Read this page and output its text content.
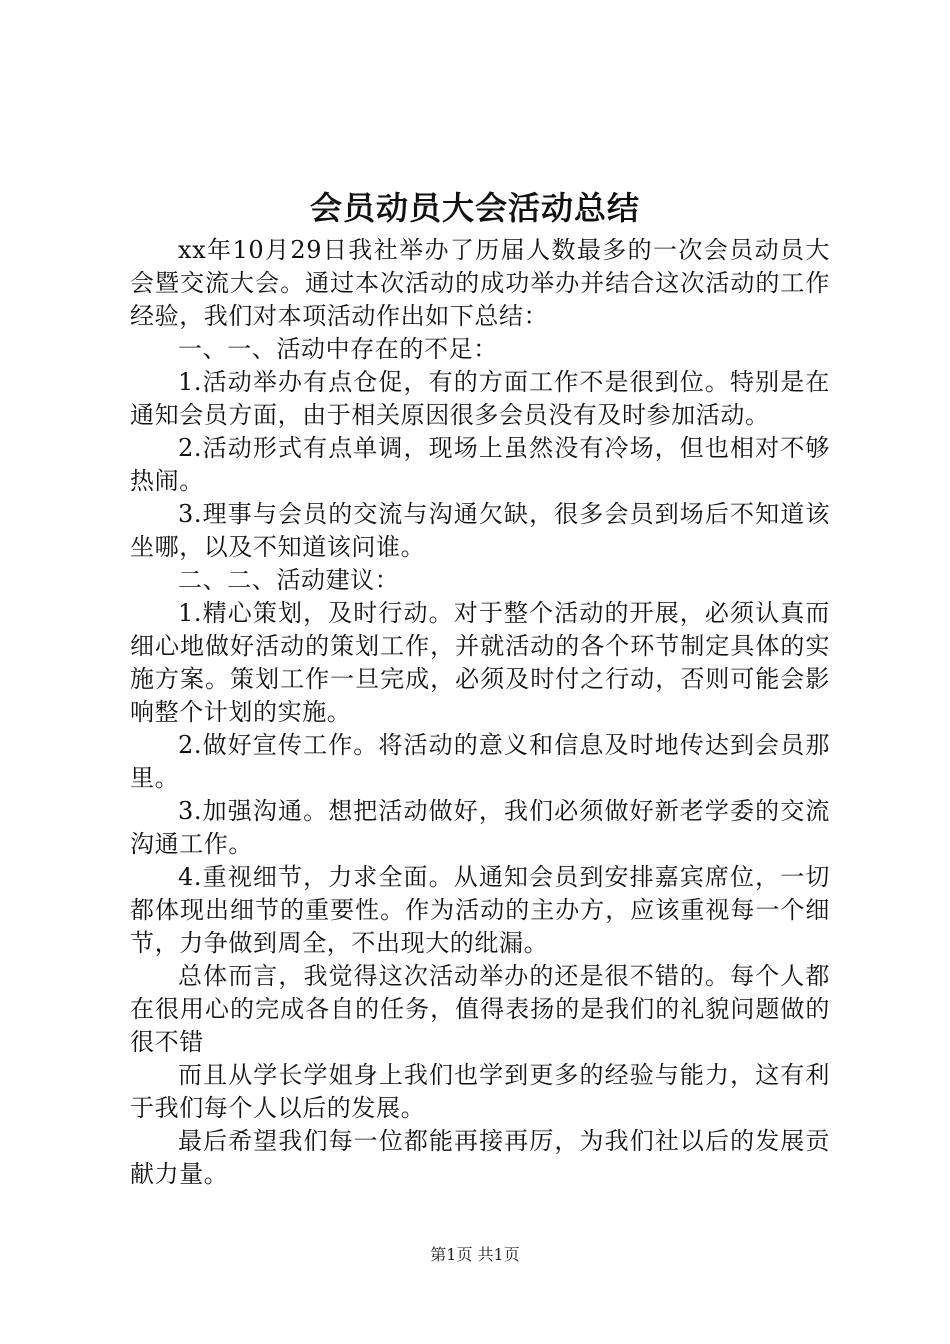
会员动员大会活动总结

xx年10月29日我社举办了历届人数最多的一次会员动员大会暨交流大会。通过本次活动的成功举办并结合这次活动的工作经验，我们对本项活动作出如下总结：

一、一、活动中存在的不足：

1.活动举办有点仓促，有的方面工作不是很到位。特别是在通知会员方面，由于相关原因很多会员没有及时参加活动。

2.活动形式有点单调，现场上虽然没有冷场，但也相对不够热闹。

3.理事与会员的交流与沟通欠缺，很多会员到场后不知道该坐哪，以及不知道该问谁。

二、二、活动建议：

1.精心策划，及时行动。对于整个活动的开展，必须认真而细心地做好活动的策划工作，并就活动的各个环节制定具体的实施方案。策划工作一旦完成，必须及时付之行动，否则可能会影响整个计划的实施。

2.做好宣传工作。将活动的意义和信息及时地传达到会员那里。

3.加强沟通。想把活动做好，我们必须做好新老学委的交流沟通工作。

4.重视细节，力求全面。从通知会员到安排嘉宾席位，一切都体现出细节的重要性。作为活动的主办方，应该重视每一个细节，力争做到周全，不出现大的纰漏。

总体而言，我觉得这次活动举办的还是很不错的。每个人都在很用心的完成各自的任务，值得表扬的是我们的礼貌问题做的很不错

而且从学长学姐身上我们也学到更多的经验与能力，这有利于我们每个人以后的发展。

最后希望我们每一位都能再接再厉，为我们社以后的发展贡献力量。

第1页 共1页
